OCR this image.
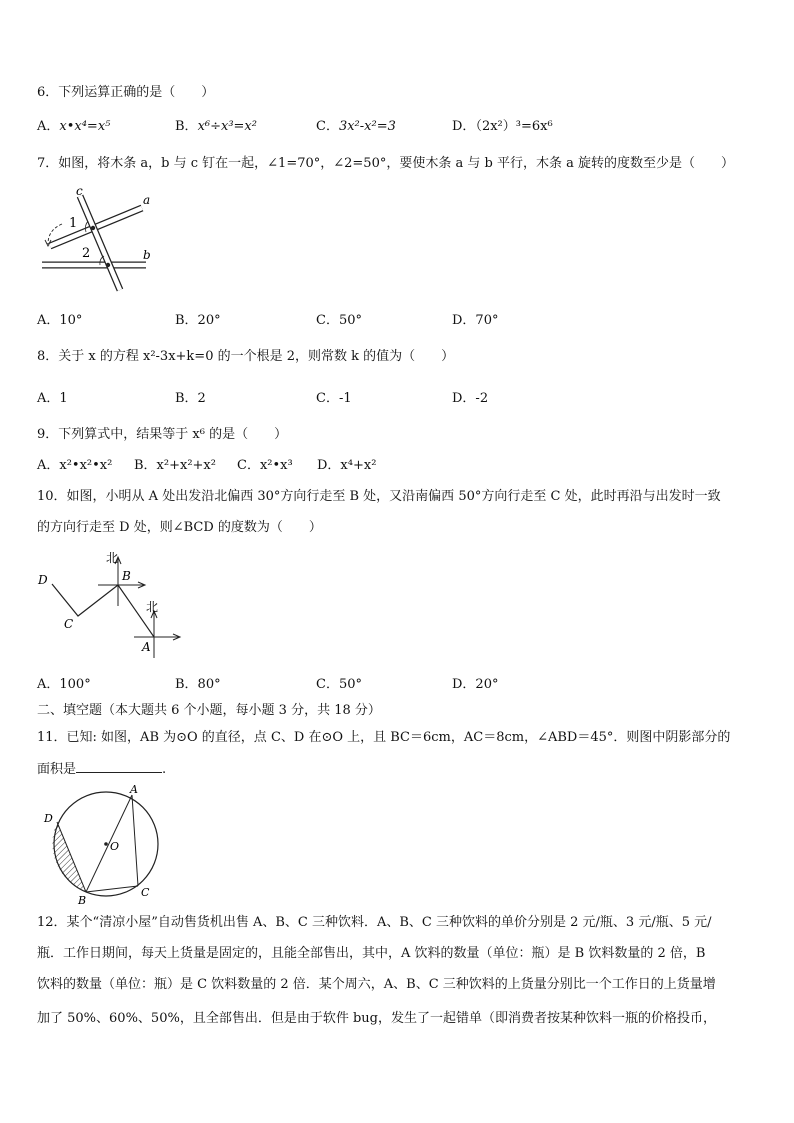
6．下列运算正确的是（　　）
A．x•x⁴=x⁵	B．x⁶÷x³=x²	C．3x²-x²=3	D．（2x²）³=6x⁶
7．如图，将木条 a，b 与 c 钉在一起，∠1=70°，∠2=50°，要使木条 a 与 b 平行，木条 a 旋转的度数至少是（　　）
c
a
b
1
2
A．10°	B．20°	C．50°	D．70°
8．关于 x 的方程 x²-3x+k=0 的一个根是 2，则常数 k 的值为（　　）
A．1	B．2	C．-1	D．-2
9．下列算式中，结果等于 x⁶ 的是（　　）
A．x²•x²•x² B．x²+x²+x² C．x²•x³ D．x⁴+x²
10．如图，小明从 A 处出发沿北偏西 30°方向行走至 B 处，又沿南偏西 50°方向行走至 C 处，此时再沿与出发时一致
的方向行走至 D 处，则∠BCD 的度数为（　　）
北
北
D
C
B
A
A．100°	B．80°	C．50°	D．20°
二、填空题（本大题共 6 个小题，每小题 3 分，共 18 分）
11．已知: 如图，AB 为⊙O 的直径，点 C、D 在⊙O 上，且 BC＝6cm，AC＝8cm，∠ABD＝45°．则图中阴影部分的
面积是	.
A
B
C
D
O
12．某个“清凉小屋”自动售货机出售 A、B、C 三种饮料．A、B、C 三种饮料的单价分别是 2 元/瓶、3 元/瓶、5 元/
瓶．工作日期间，每天上货量是固定的，且能全部售出，其中，A 饮料的数量（单位：瓶）是 B 饮料数量的 2 倍，B
饮料的数量（单位：瓶）是 C 饮料数量的 2 倍．某个周六，A、B、C 三种饮料的上货量分别比一个工作日的上货量增
加了 50%、60%、50%，且全部售出．但是由于软件 bug，发生了一起错单（即消费者按某种饮料一瓶的价格投币，
